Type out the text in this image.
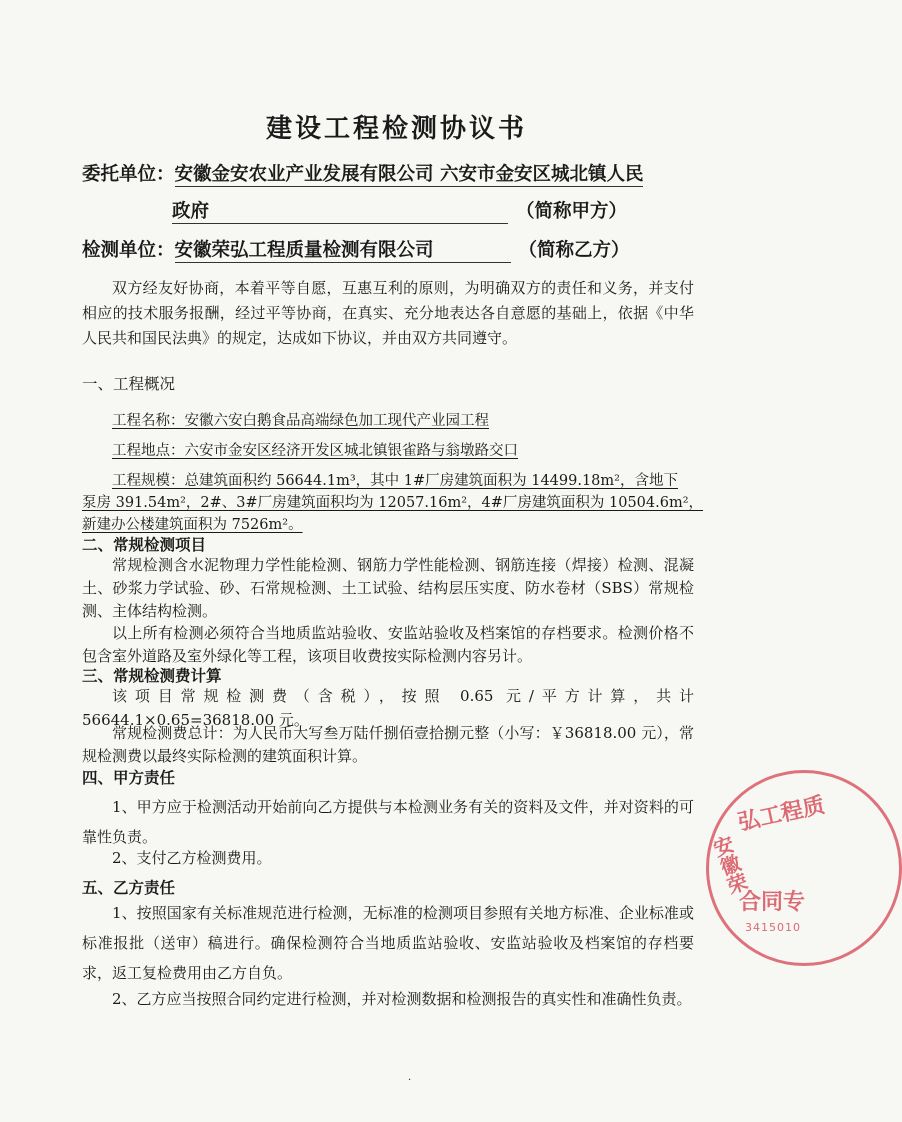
建设工程检测协议书
委托单位：安徽金安农业产业发展有限公司 六安市金安区城北镇人民
政府	（简称甲方）
检测单位：安徽荣弘工程质量检测有限公司	（简称乙方）

双方经友好协商，本着平等自愿，互惠互利的原则，为明确双方的责任和义务，并支付相应的技术服务报酬，经过平等协商，在真实、充分地表达各自意愿的基础上，依据《中华人民共和国民法典》的规定，达成如下协议，并由双方共同遵守。

一、工程概况
工程名称：安徽六安白鹅食品高端绿色加工现代产业园工程
工程地点：六安市金安区经济开发区城北镇银雀路与翁墩路交口
工程规模：总建筑面积约 56644.1m³，其中 1#厂房建筑面积为 14499.18m²，含地下
泵房 391.54m²，2#、3#厂房建筑面积均为 12057.16m²，4#厂房建筑面积为 10504.6m²，
新建办公楼建筑面积为 7526m²。
二、常规检测项目

常规检测含水泥物理力学性能检测、钢筋力学性能检测、钢筋连接（焊接）检测、混凝土、砂浆力学试验、砂、石常规检测、土工试验、结构层压实度、防水卷材（SBS）常规检测、主体结构检测。

以上所有检测必须符合当地质监站验收、安监站验收及档案馆的存档要求。检测价格不包含室外道路及室外绿化等工程，该项目收费按实际检测内容另计。

三、常规检测费计算

该项目常规检测费（含税），按照 0.65 元/平方计算，共计 56644.1×0.65=36818.00 元。

常规检测费总计：为人民币大写叁万陆仟捌佰壹拾捌元整（小写：￥36818.00 元），常规检测费以最终实际检测的建筑面积计算。

四、甲方责任

1、甲方应于检测活动开始前向乙方提供与本检测业务有关的资料及文件，并对资料的可靠性负责。

2、支付乙方检测费用。

五、乙方责任

1、按照国家有关标准规范进行检测，无标准的检测项目参照有关地方标准、企业标准或标准报批（送审）稿进行。确保检测符合当地质监站验收、安监站验收及档案馆的存档要求，返工复检费用由乙方自负。

2、乙方应当按照合同约定进行检测，并对检测数据和检测报告的真实性和准确性负责。

弘工程质
安徽荣
合同专
3415010
.
